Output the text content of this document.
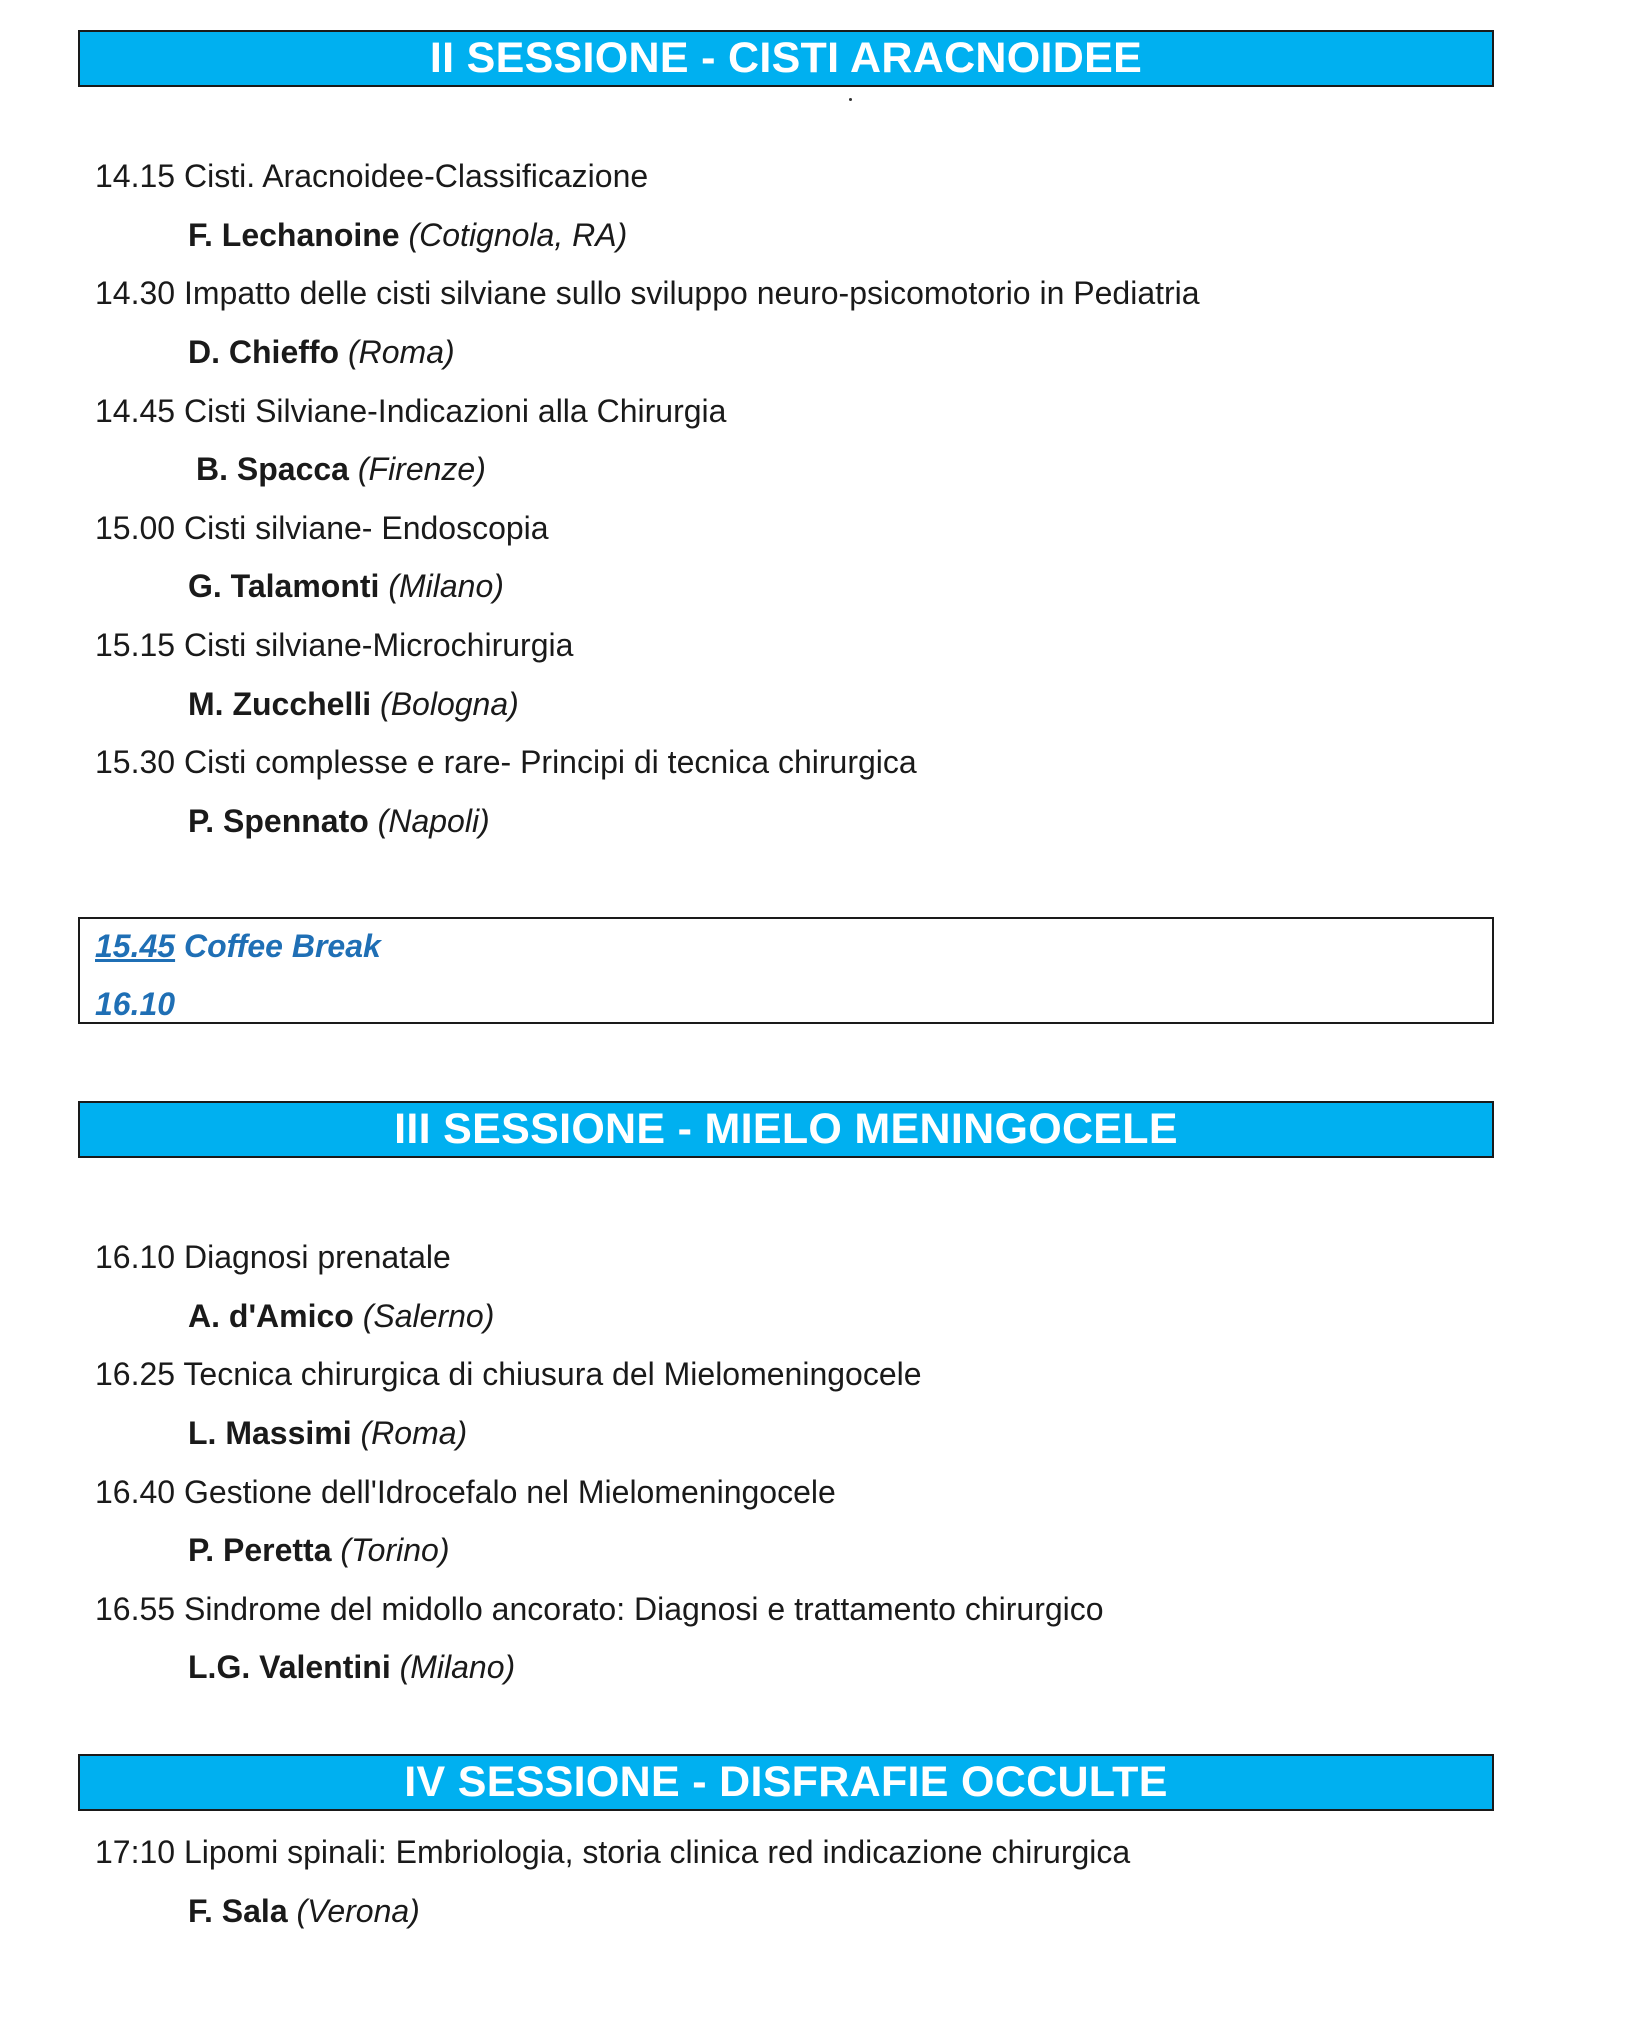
II SESSIONE - CISTI ARACNOIDEE
14.15 Cisti. Aracnoidee-Classificazione
F. Lechanoine (Cotignola, RA)
14.30 Impatto delle cisti silviane sullo sviluppo neuro-psicomotorio in Pediatria
D. Chieffo (Roma)
14.45 Cisti Silviane-Indicazioni alla Chirurgia
B. Spacca (Firenze)
15.00 Cisti silviane- Endoscopia
G. Talamonti (Milano)
15.15 Cisti silviane-Microchirurgia
M. Zucchelli (Bologna)
15.30 Cisti complesse e rare- Principi di tecnica chirurgica
P. Spennato (Napoli)
15.45 Coffee Break
16.10
III SESSIONE - MIELO MENINGOCELE
16.10 Diagnosi prenatale
A. d'Amico (Salerno)
16.25 Tecnica chirurgica di chiusura del Mielomeningocele
L. Massimi (Roma)
16.40 Gestione dell'Idrocefalo nel Mielomeningocele
P. Peretta (Torino)
16.55 Sindrome del midollo ancorato: Diagnosi e trattamento chirurgico
L.G. Valentini (Milano)
IV SESSIONE - DISFRAFIE OCCULTE
17:10 Lipomi spinali: Embriologia, storia clinica red indicazione chirurgica
F. Sala (Verona)
